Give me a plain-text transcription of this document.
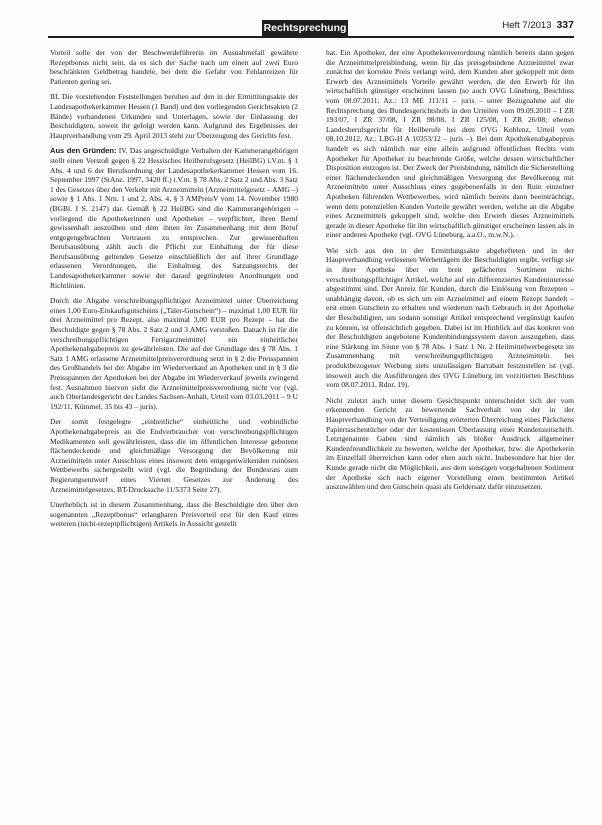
Rechtsprechung	Heft 7/2013 337

Vorteil solle der von der Beschwerdeführerin im Ausnahmefall gewährte Rezeptbonus nicht sein, da es sich der Sache nach um einen auf zwei Euro beschränkten Geldbetrag handele, bei dem die Gefahr von Fehlanreizen für Patienten gering sei.

III. Die vorstehenden Feststellungen beruhen auf den in der Ermittlungsakte der Landesapothekerkammer Hessen (1 Band) und den vorliegenden Gerichtsakten (2 Bände) vorhandenen Urkunden und Unterlagen, sowie der Einlassung der Beschuldigten, soweit ihr gefolgt werden kann. Aufgrund des Ergebnisses der Hauptverhandlung vom 29. April 2013 steht zur Überzeugung des Gerichts fest.

Aus den Gründen: IV. Das angeschuldigte Verhalten der Kammerangehörigen stellt einen Verstoß gegen § 22 Hessisches Heilberufsgesetz (HeilBG) i.V.m. § 1 Abs. 4 und 6 der Berufsordnung der Landesapothekerkammer Hessen vom 16. September 1997 (StAnz. 1997, 3420 ff.) i.V.m. § 78 Abs. 2 Satz 2 und Abs. 3 Satz 1 des Gesetzes über den Verkehr mit Arzneimitteln (Arzneimittelgesetz – AMG –) sowie § 1 Abs. 1 Nrn. 1 und 2, Abs. 4, § 3 AMPreisV vom 14. November 1980 (BGBl. I S. 2147) dar. Gemäß § 22 HeilBG sind die Kammerangehörigen – vorliegend die Apothekerinnen und Apotheker – verpflichtet, ihren Beruf gewissenhaft auszuüben und dem ihnen im Zusammenhang mit dem Beruf entgegengebrachten Vertrauen zu entsprechen. Zur gewissenhaften Berufsausübung zählt auch die Pflicht zur Einhaltung der für diese Berufsausübung geltenden Gesetze einschließlich der auf ihrer Grundlage erlassenen Verordnungen, die Einhaltung des Satzungsrechts der Landesapothekerkammer sowie der darauf gegründeten Anordnungen und Richtlinien.

Durch die Abgabe verschreibungspflichtiger Arzneimittel unter Überreichung eines 1,00 Euro-Einkaufsgutscheins („Taler-Gutschein“) – maximal 1,00 EUR für drei Arzneimittel pro Rezept, also maximal 3,00 EUR pro Rezept – hat die Beschuldigte gegen § 78 Abs. 2 Satz 2 und 3 AMG verstoßen. Danach ist für die verschreibungspflichtigen Fertigarzneimittel ein einheitlicher Apothekenabgabepreis zu gewährleisten. Die auf der Grundlage des § 78 Abs. 1 Satz 1 AMG erlassene Arzneimittelpreisverordnung setzt in § 2 die Preisspannen des Großhandels bei der Abgabe im Wiederverkauf an Apotheken und in § 3 die Preisspannen der Apotheken bei der Abgabe im Wiederverkauf jeweils zwingend fest. Ausnahmen hiervon sieht die Arzneimittelpreisverordnung nicht vor (vgl. auch Oberlandesgericht des Landes Sachsen-Anhalt, Urteil vom 03.03.2011 – 9 U 192/11, Kümmel, 35 bis 43 – juris).

Der somit festgelegte „einheitliche“ einheitliche und verbindliche Apothekenabgabepreis an die Endverbraucher von verschreibungspflichtigen Medikamenten soll gewährleisten, dass die im öffentlichen Interesse gebotene flächendeckende und gleichmäßige Versorgung der Bevölkerung mit Arzneimitteln unter Ausschluss eines insoweit dem entgegenwirkenden ruinösen Wettbewerbs sichergestellt wird (vgl. die Begründung der Bundesrats zum Regierungsentwurf eines Vierten Gesetzes zur Änderung des Arzneimittelgesetzes, BT-Drucksache 11/5373 Seite 27).

Unerheblich ist in diesem Zusammenhang, dass die Beschuldigte den über den sogenannten „Rezeptbonus“ erlangbaren Preisvorteil erst für den Kauf eines weiteren (nicht-rezeptpflichtigen) Artikels in Aussicht gestellt

hat. Ein Apotheker, der eine Apothekenverordnung nämlich bereits dann gegen die Arzneimittelpreisbindung, wenn für das preisgebundene Arzneimittel zwar zunächst der korrekte Preis verlangt wird, dem Kunden aber gekoppelt mit dem Erwerb des Arzneimittels Vorteile gewährt werden, die den Erwerb für ihn wirtschaftlich günstiger erscheinen lassen (so auch OVG Lüneburg, Beschluss vom 08.07.2011, Az.: 13 ME 111/11 – juris – unter Bezugnahme auf die Rechtsprechung des Bundesgerichtshofs in den Urteilen vom 09.09.2010 – I ZR 193/07, I ZR 37/08, I ZR 98/08, I ZR 125/08, I ZR 26/08; ebenso Landesberufsgericht für Heilberufe bei dem OVG Koblenz, Urteil vom 08.10.2012, Az.: LBG-H A 10353/12 – juris –). Bei dem Apothekenabgabepreis handelt es sich nämlich nur eine allein aufgrund öffentlichen Rechts vom Apotheker für Apotheker zu beachtende Größe, welche dessen wirtschaftlicher Disposition entzogen ist. Der Zweck der Preisbindung, nämlich die Sicherstellung einer flächendeckenden und gleichmäßigen Versorgung der Bevölkerung mit Arzneimitteln unter Ausschluss eines gegebenenfalls in den Ruin einzelner Apotheken führenden Wettbewerbes, wird nämlich bereits dann beeinträchtigt, wenn dem potenziellen Kunden Vorteile gewährt werden, welche an die Abgabe eines Arzneimittels gekoppelt sind, welche den Erwerb dieses Arzneimittels gerade in dieser Apotheke für ihn wirtschaftlich günstiger erscheinen lassen als in einer anderen Apotheke (vgl. OVG Lüneburg, a.a.O., m.w.N.).

Wie sich aus den in der Ermittlungsakte abgehefteten und in der Hauptverhandlung verlesenen Werbeträgern der Beschuldigten ergibt, verfügt sie in ihrer Apotheke über ein breit gefächertes Sortiment nicht-verschreibungspflichtiger Artikel, welche auf ein differenziertes Kundeninteresse abgestimmt sind. Der Anreiz für Kunden, durch die Einlösung von Rezepten – unabhängig davon, ob es sich um ein Arzneimittel auf einem Rezept handelt – erst einen Gutschein zu erhalten und wiederum nach Gebrauch in der Apotheke der Beschuldigten, um sodann sonstige Artikel entsprechend vergünstigt kaufen zu können, ist offensichtlich gegeben. Dabei ist im Hinblick auf das konkret von der Beschuldigten angebotene Kundenbindungssystem davon auszugehen, dass eine Stärkung im Sinne von § 78 Abs. 1 Satz 1 Nr. 2 Heilmittelwerbegesetz im Zusammenhang mit verschreibungspflichtigen Arzneimitteln bei produktbezogener Werbung stets unzulässigen Barrabatt festzustellen ist (vgl. insoweit auch die Ausführungen des OVG Lüneburg im vorzitierten Beschluss vom 08.07.2011, Rdnr. 19).

Nicht zuletzt auch unter diesem Gesichtspunkt unterscheidet sich der vom erkennenden Gericht zu bewertende Sachverhalt von der in der Hauptverhandlung von der Verteidigung erörterten Überreichung eines Päckchens Papiertaschentücher oder der kostenlosen Überlassung einer Kundenzeitschrift. Letztgenannte Gaben sind nämlich als bloßer Ausdruck allgemeiner Kundenfreundlichkeit zu bewerten, welche der Apotheker, bzw. die Apothekerin im Einzelfall überreichen kann oder eben auch nicht. Insbesondere hat hier der Kunde gerade nicht die Möglichkeit, aus dem sonstigen vorgehaltenen Sortiment der Apotheke sich nach eigener Vorstellung einen bestimmten Artikel auszuwählen und den Gutschein quasi als Geldersatz dafür einzusetzen.
